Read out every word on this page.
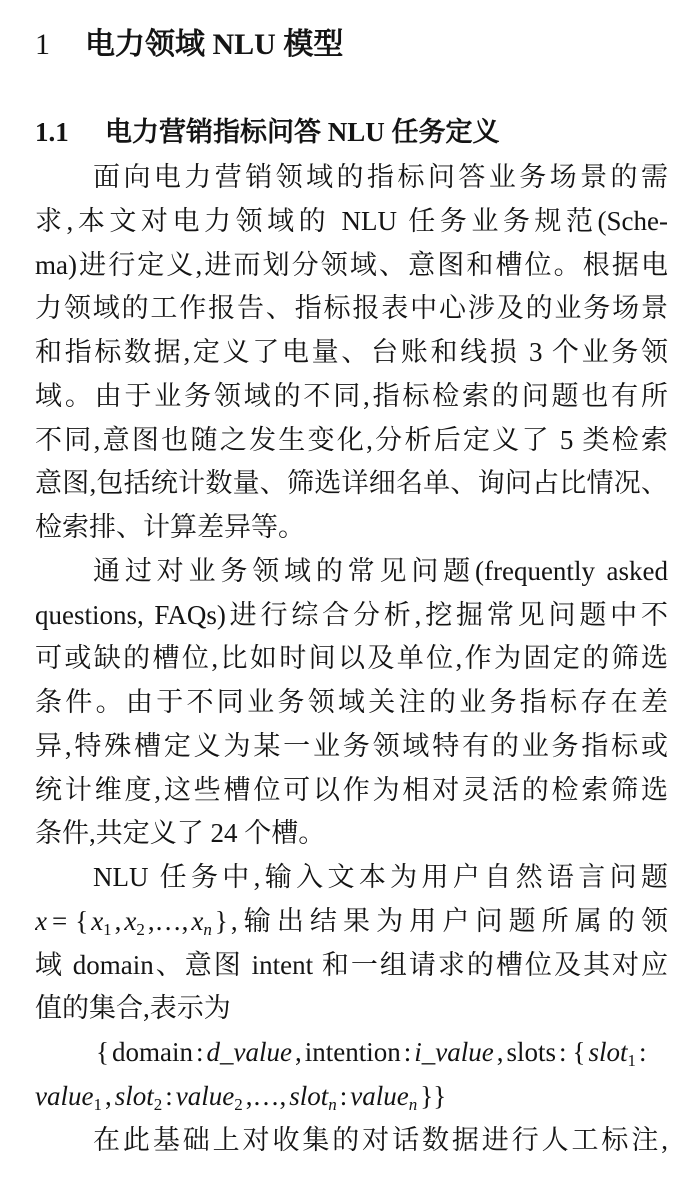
1 电力领域 NLU 模型
1.1 电力营销指标问答 NLU 任务定义
面向电力营销领域的指标问答业务场景的需
求,本文对电力领域的 NLU 任务业务规范(Sche-
ma)进行定义,进而划分领域、意图和槽位。根据电
力领域的工作报告、指标报表中心涉及的业务场景
和指标数据,定义了电量、台账和线损 3 个业务领
域。由于业务领域的不同,指标检索的问题也有所
不同,意图也随之发生变化,分析后定义了 5 类检索
意图,包括统计数量、筛选详细名单、询问占比情况、
检索排、计算差异等。
通过对业务领域的常见问题(frequently asked
questions, FAQs)进行综合分析,挖掘常见问题中不
可或缺的槽位,比如时间以及单位,作为固定的筛选
条件。由于不同业务领域关注的业务指标存在差
异,特殊槽定义为某一业务领域特有的业务指标或
统计维度,这些槽位可以作为相对灵活的检索筛选
条件,共定义了 24 个槽。
NLU 任务中,输入文本为用户自然语言问题
x = { $x_1$ , $x_2$ ,…, $x_n$ } ,输出结果为用户问题所属的领
域 domain、意图 intent 和一组请求的槽位及其对应
值的集合,表示为
{ domain : d_value , intention : i_value , slots : { slot$_1$ :
value$_1$ , slot$_2$ : value$_2$ ,…, slot$_n$ : value$_n$ }}
在此基础上对收集的对话数据进行人工标注,
